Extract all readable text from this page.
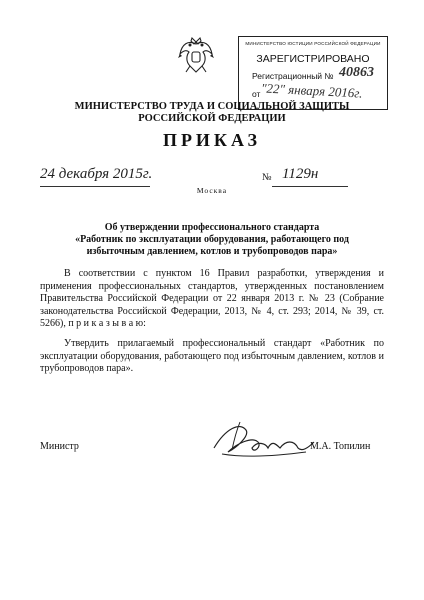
МИНИСТЕРСТВО ЮСТИЦИИ РОССИЙСКОЙ ФЕДЕРАЦИИ
ЗАРЕГИСТРИРОВАНО
Регистрационный № 40863
от "22" января 2016г.
МИНИСТЕРСТВО ТРУДА И СОЦИАЛЬНОЙ ЗАЩИТЫ
РОССИЙСКОЙ ФЕДЕРАЦИИ
ПРИКАЗ
24 декабря 2015г.	№ 1129н
Москва
Об утверждении профессионального стандарта
«Работник по эксплуатации оборудования, работающего под
избыточным давлением, котлов и трубопроводов пара»
В соответствии с пунктом 16 Правил разработки, утверждения и применения профессиональных стандартов, утвержденных постановлением Правительства Российской Федерации от 22 января 2013 г. № 23 (Собрание законодательства Российской Федерации, 2013, № 4, ст. 293; 2014, № 39, ст. 5266), п р и к а з ы в а ю:
Утвердить прилагаемый профессиональный стандарт «Работник по эксплуатации оборудования, работающего под избыточным давлением, котлов и трубопроводов пара».
Министр	М.А. Топилин
